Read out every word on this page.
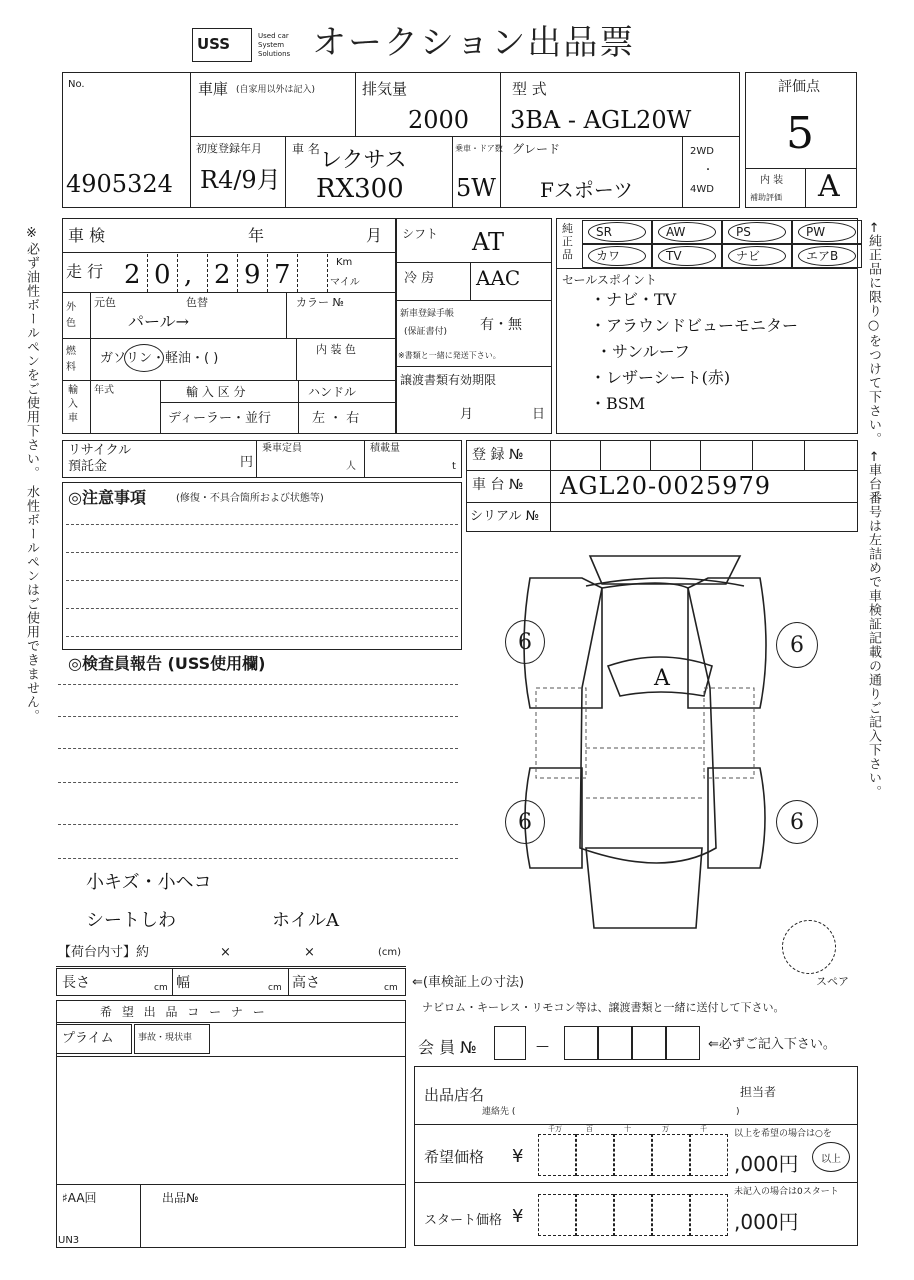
USS	Used car System Solutions オークション出品票
No.
4905324
車庫 (自家用以外は記入)	排気量
2000
型 式
3BA - AGL20W
初度登録年月
R4/9月
車 名 レクサス
RX300
乗車・ドア数
5W
グレード
Fスポーツ
2WD
・
4WD
評価点
5
内 装
補助評価 A
※必ず油性ボールペンをご使用下さい。 水性ボールペンはご使用できません。	←純正品に限り○をつけて下さい。 ←車台番号は左詰めで車検証記載の通りご記入下さい。
車 検	年	月
走 行 2 0 , 2 9 7	Km
マイル
外色
元色	色替
パール→
カラー №
燃料
ガソリン・軽油・( )
内 装 色
輸入車
年式	輸 入 区 分
ディーラー・並行
ハンドル
左 ・ 右
シフト AT
冷 房 AAC
新車登録手帳
(保証書付) 有・無
※書類と一緒に発送下さい。
譲渡書類有効期限
月	日
純正品
SR	AW	PS	PW
カワ	TV	ナビ	エアB
セールスポイント
・ナビ・TV
・アラウンドビューモニター
・サンルーフ
・レザーシート(赤)
・BSM
リサイクル
預託金	円
乗車定員
人
積載量
t
登 録 №
車 台 № AGL20-0025979
シリアル №
◎注意事項	(修復・不具合箇所および状態等)
◎検査員報告 (USS使用欄)
小キズ・小ヘコ
シートしわ	ホイルA
6	6
6	6
A
スペア
【荷台内寸】約	×	×	(cm)
長さ	cm 幅	cm 高さ	cm ⇐(車検証上の寸法)
希 望 出 品 コ ー ナ ー
プライム	事故・現状車
♯AA回	出品№
UN3
ナビロム・キーレス・リモコン等は、譲渡書類と一緒に送付して下さい。
会 員 №	—	⇐必ずご記入下さい。
出品店名
連絡先 (	)
担当者
希望価格 ¥
千万	百	十	万	千
,000円
以上を希望の場合は○を
以上
スタート価格 ¥
未記入の場合は0スタート
,000円
